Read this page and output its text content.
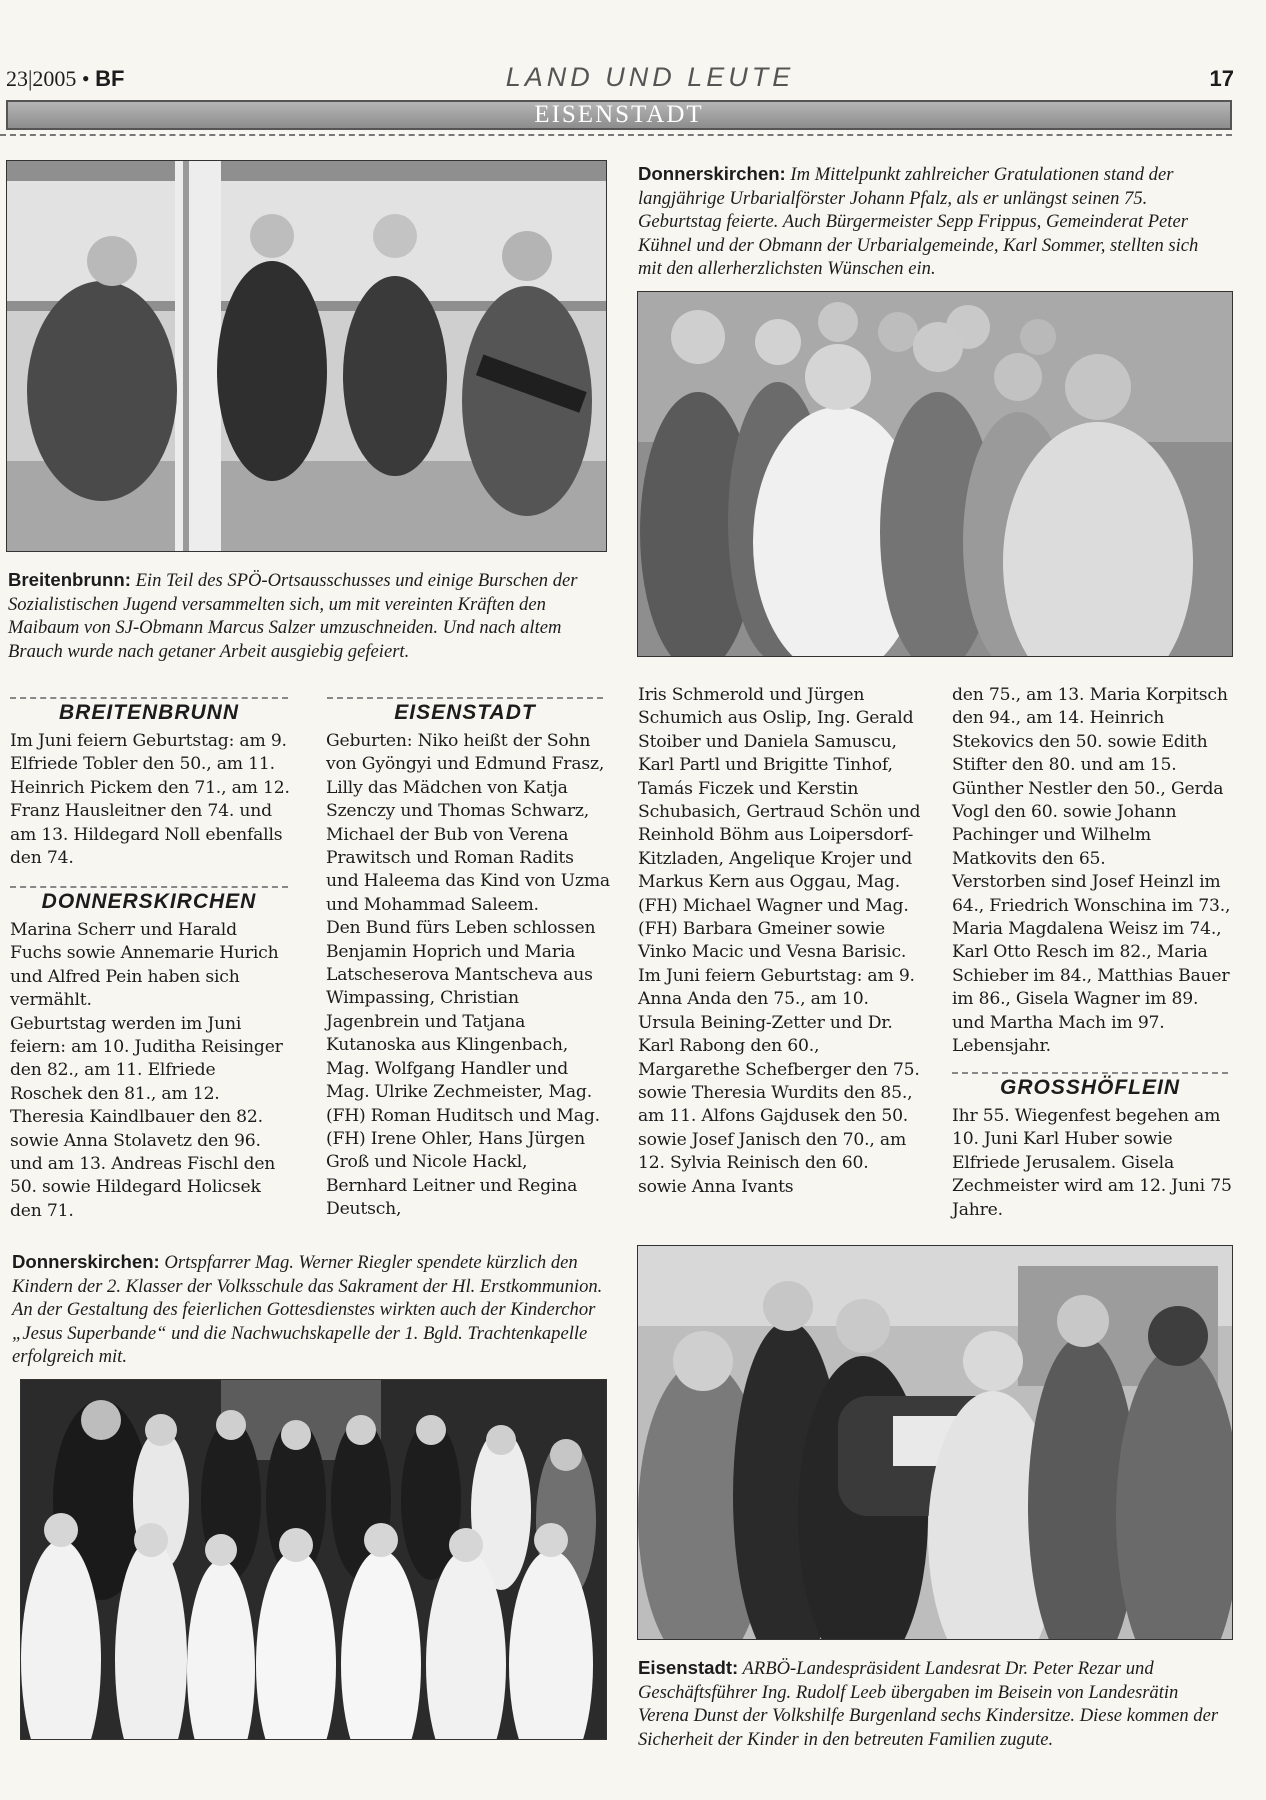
23|2005 • BF	LAND UND LEUTE	17
EISENSTADT
Donnerskirchen: Im Mittelpunkt zahlreicher Gratulationen stand der langjährige Urbarialförster Johann Pfalz, als er unlängst seinen 75. Geburtstag feierte. Auch Bürgermeister Sepp Frippus, Gemeinderat Peter Kühnel und der Obmann der Urbarialgemeinde, Karl Sommer, stellten sich mit den allerherzlichsten Wünschen ein.
Breitenbrunn: Ein Teil des SPÖ-Ortsausschusses und einige Burschen der Sozialistischen Jugend versammelten sich, um mit vereinten Kräften den Maibaum von SJ-Obmann Marcus Salzer umzuschneiden. Und nach altem Brauch wurde nach getaner Arbeit ausgiebig gefeiert.
BREITENBRUNN

Im Juni feiern Geburtstag: am 9. Elfriede Tobler den 50., am 11. Heinrich Pickem den 71., am 12. Franz Hausleitner den 74. und am 13. Hildegard Noll ebenfalls den 74.

DONNERSKIRCHEN

Marina Scherr und Harald Fuchs sowie Annemarie Hurich und Alfred Pein haben sich vermählt.

Geburtstag werden im Juni feiern: am 10. Juditha Reisinger den 82., am 11. Elfriede Roschek den 81., am 12. Theresia Kaindlbauer den 82. sowie Anna Stolavetz den 96. und am 13. Andreas Fischl den 50. sowie Hildegard Holicsek den 71.

EISENSTADT

Geburten: Niko heißt der Sohn von Gyöngyi und Edmund Frasz, Lilly das Mädchen von Katja Szenczy und Thomas Schwarz, Michael der Bub von Verena Prawitsch und Roman Radits und Haleema das Kind von Uzma und Mohammad Saleem.

Den Bund fürs Leben schlossen Benjamin Hoprich und Maria Latscheserova Mantscheva aus Wimpassing, Christian Jagenbrein und Tatjana Kutanoska aus Klingenbach, Mag. Wolfgang Handler und Mag. Ulrike Zechmeister, Mag. (FH) Roman Huditsch und Mag. (FH) Irene Ohler, Hans Jürgen Groß und Nicole Hackl, Bernhard Leitner und Regina Deutsch,

Iris Schmerold und Jürgen Schumich aus Oslip, Ing. Gerald Stoiber und Daniela Samuscu, Karl Partl und Brigitte Tinhof, Tamás Ficzek und Kerstin Schubasich, Gertraud Schön und Reinhold Böhm aus Loipersdorf-Kitzladen, Angelique Krojer und Markus Kern aus Oggau, Mag. (FH) Michael Wagner und Mag. (FH) Barbara Gmeiner sowie Vinko Macic und Vesna Barisic.

Im Juni feiern Geburtstag: am 9. Anna Anda den 75., am 10. Ursula Beining-Zetter und Dr. Karl Rabong den 60., Margarethe Schefberger den 75. sowie Theresia Wurdits den 85., am 11. Alfons Gajdusek den 50. sowie Josef Janisch den 70., am 12. Sylvia Reinisch den 60. sowie Anna Ivants

den 75., am 13. Maria Korpitsch den 94., am 14. Heinrich Stekovics den 50. sowie Edith Stifter den 80. und am 15. Günther Nestler den 50., Gerda Vogl den 60. sowie Johann Pachinger und Wilhelm Matkovits den 65.

Verstorben sind Josef Heinzl im 64., Friedrich Wonschina im 73., Maria Magdalena Weisz im 74., Karl Otto Resch im 82., Maria Schieber im 84., Matthias Bauer im 86., Gisela Wagner im 89. und Martha Mach im 97. Lebensjahr.

GROSSHÖFLEIN

Ihr 55. Wiegenfest begehen am 10. Juni Karl Huber sowie Elfriede Jerusalem. Gisela Zechmeister wird am 12. Juni 75 Jahre.

Donnerskirchen: Ortspfarrer Mag. Werner Riegler spendete kürzlich den Kindern der 2. Klasser der Volksschule das Sakrament der Hl. Erstkommunion. An der Gestaltung des feierlichen Gottesdienstes wirkten auch der Kinderchor „Jesus Superbande“ und die Nachwuchskapelle der 1. Bgld. Trachtenkapelle erfolgreich mit.
Eisenstadt: ARBÖ-Landespräsident Landesrat Dr. Peter Rezar und Geschäftsführer Ing. Rudolf Leeb übergaben im Beisein von Landesrätin Verena Dunst der Volkshilfe Burgenland sechs Kindersitze. Diese kommen der Sicherheit der Kinder in den betreuten Familien zugute.
